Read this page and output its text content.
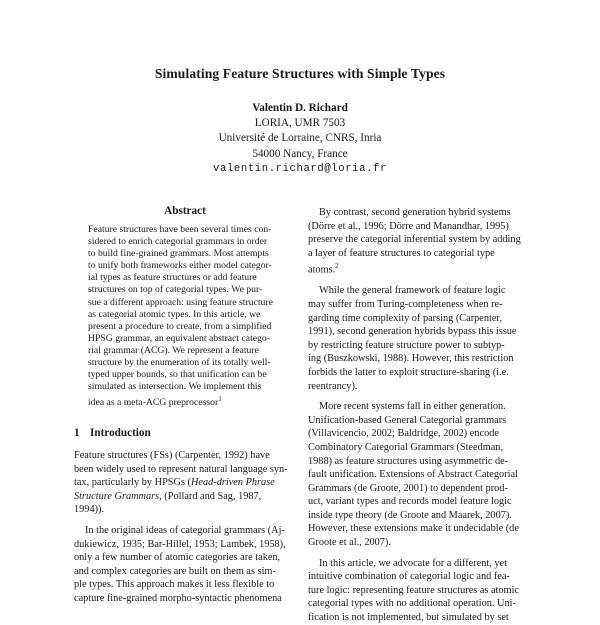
Simulating Feature Structures with Simple Types
Valentin D. Richard
LORIA, UMR 7503
Université de Lorraine, CNRS, Inria
54000 Nancy, France
valentin.richard@loria.fr
Abstract
Feature structures have been several times con-
sidered to enrich categorial grammars in order
to build fine-grained grammars. Most attempts
to unify both frameworks either model categor-
ial types as feature structures or add feature
structures on top of categorial types. We pur-
sue a different approach: using feature structure
as categorial atomic types. In this article, we
present a procedure to create, from a simplified
HPSG grammar, an equivalent abstract catego-
rial grammar (ACG). We represent a feature
structure by the enumeration of its totally well-
typed upper bounds, so that unification can be
simulated as intersection. We implement this
idea as a meta-ACG preprocessor$^1$
1 Introduction
Feature structures (FSs) (Carpenter, 1992) have
been widely used to represent natural language syn-
tax, particularly by HPSGs (Head-driven Phrase
Structure Grammars, (Pollard and Sag, 1987,
1994)).
In the original ideas of categorial grammars (Aj-
dukiewicz, 1935; Bar-Hillel, 1953; Lambek, 1958),
only a few number of atomic categories are taken,
and complex categories are built on them as sim-
ple types. This approach makes it less flexible to
capture fine-grained morpho-syntactic phenomena
By contrast, second generation hybrid systems
(Dörre et al., 1996; Dörre and Manandhar, 1995)
preserve the categorial inferential system by adding
a layer of feature structures to categorial type
atoms.$^2$
While the general framework of feature logic
may suffer from Turing-completeness when re-
garding time complexity of parsing (Carpenter,
1991), second generation hybrids bypass this issue
by restricting feature structure power to subtyp-
ing (Buszkowski, 1988). However, this restriction
forbids the latter to exploit structure-sharing (i.e.
reentrancy).
More recent systems fall in either generation.
Unification-based General Categorial grammars
(Villavicencio, 2002; Baldridge, 2002) encode
Combinatory Categorial Grammars (Steedman,
1988) as feature structures using asymmetric de-
fault unification. Extensions of Abstract Categorial
Grammars (de Groote, 2001) to dependent prod-
uct, variant types and records model feature logic
inside type theory (de Groote and Maarek, 2007).
However, these extensions make it undecidable (de
Groote et al., 2007).
In this article, we advocate for a different, yet
intuitive combination of categorial logic and fea-
ture logic: representing feature structures as atomic
categorial types with no additional operation. Uni-
fication is not implemented, but simulated by set
